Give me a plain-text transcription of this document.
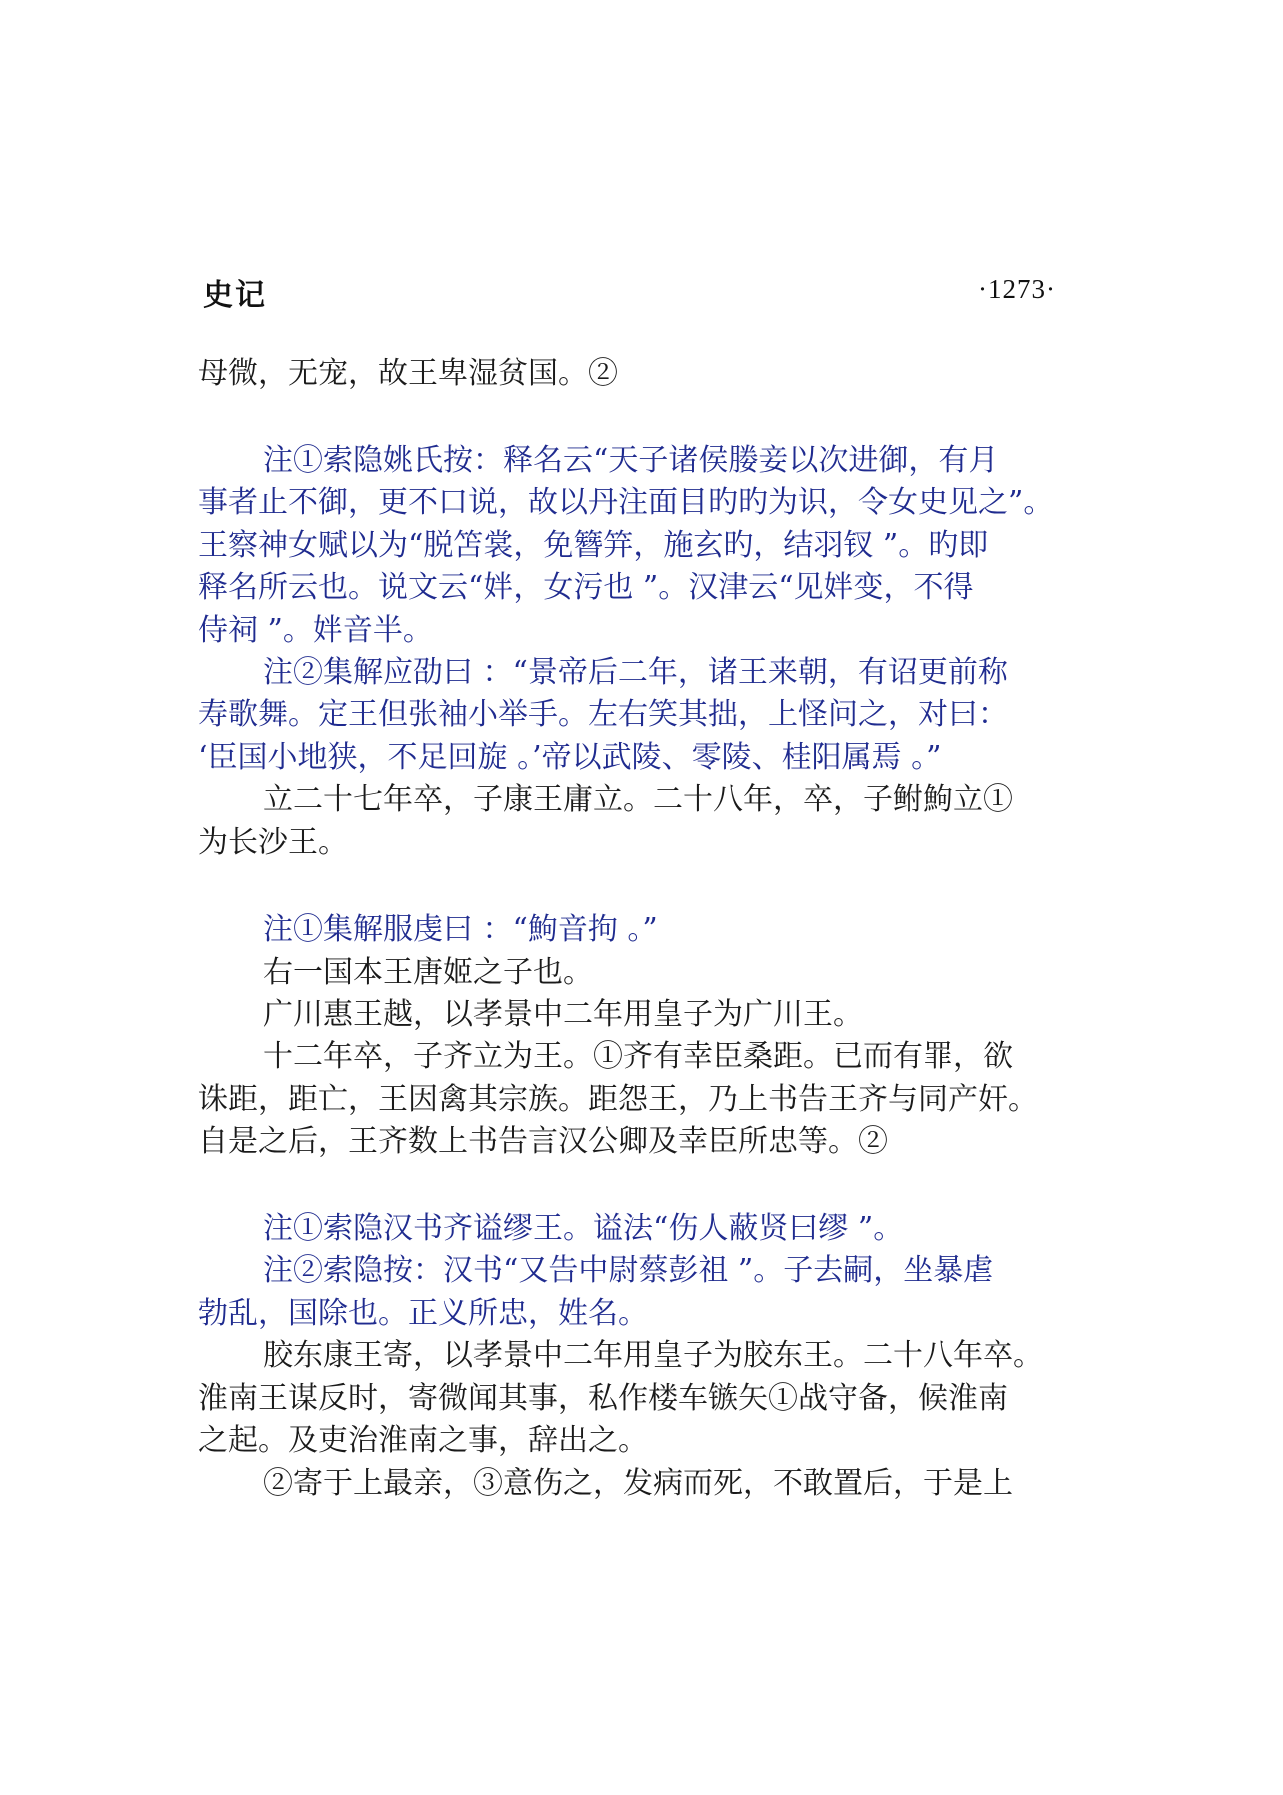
史记	·1273·
母微，无宠，故王卑湿贫国。②
注①索隐姚氏按：释名云“天子诸侯媵妾以次进御，有月
事者止不御，更不口说，故以丹注面目旳旳为识，令女史见之”。
王察神女赋以为“脱笘裳，免簪笄，施玄旳，结羽钗 ”。旳即
释名所云也。说文云“姅，女污也 ”。汉津云“见姅变，不得
侍祠 ”。姅音半。
注②集解应劭曰 ：“景帝后二年，诸王来朝，有诏更前称
寿歌舞。定王但张袖小举手。左右笑其拙，上怪问之，对曰：
‘臣国小地狭，不足回旋 。’帝以武陵、零陵、桂阳属焉 。”
立二十七年卒，子康王庸立。二十八年，卒，子鲋鮈立①
为长沙王。
注①集解服虔曰 ：“鮈音拘 。”
右一国本王唐姬之子也。
广川惠王越，以孝景中二年用皇子为广川王。
十二年卒，子齐立为王。①齐有幸臣桑距。已而有罪，欲
诛距，距亡，王因禽其宗族。距怨王，乃上书告王齐与同产奸。
自是之后，王齐数上书告言汉公卿及幸臣所忠等。②
注①索隐汉书齐谥缪王。谥法“伤人蔽贤曰缪 ”。
注②索隐按：汉书“又告中尉蔡彭祖 ”。子去嗣，坐暴虐
勃乱，国除也。正义所忠，姓名。
胶东康王寄，以孝景中二年用皇子为胶东王。二十八年卒。
淮南王谋反时，寄微闻其事，私作楼车镞矢①战守备，候淮南
之起。及吏治淮南之事，辞出之。
②寄于上最亲，③意伤之，发病而死，不敢置后，于是上
